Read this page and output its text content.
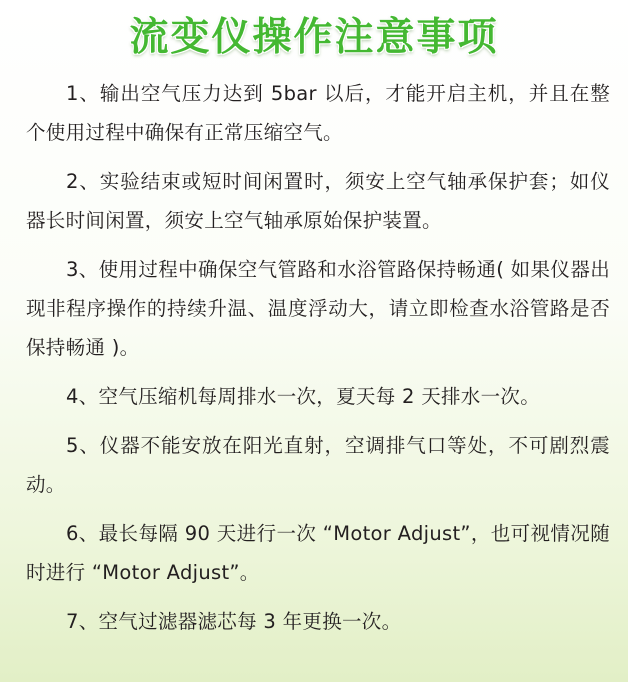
流变仪操作注意事项

1、输出空气压力达到 5bar 以后，才能开启主机，并且在整个使用过程中确保有正常压缩空气。

2、实验结束或短时间闲置时，须安上空气轴承保护套；如仪器长时间闲置，须安上空气轴承原始保护装置。

3、使用过程中确保空气管路和水浴管路保持畅通( 如果仪器出现非程序操作的持续升温、温度浮动大，请立即检查水浴管路是否保持畅通 )。

4、空气压缩机每周排水一次，夏天每 2 天排水一次。

5、仪器不能安放在阳光直射，空调排气口等处，不可剧烈震动。

6、最长每隔 90 天进行一次 “Motor Adjust”，也可视情况随时进行 “Motor Adjust”。

7、空气过滤器滤芯每 3 年更换一次。
